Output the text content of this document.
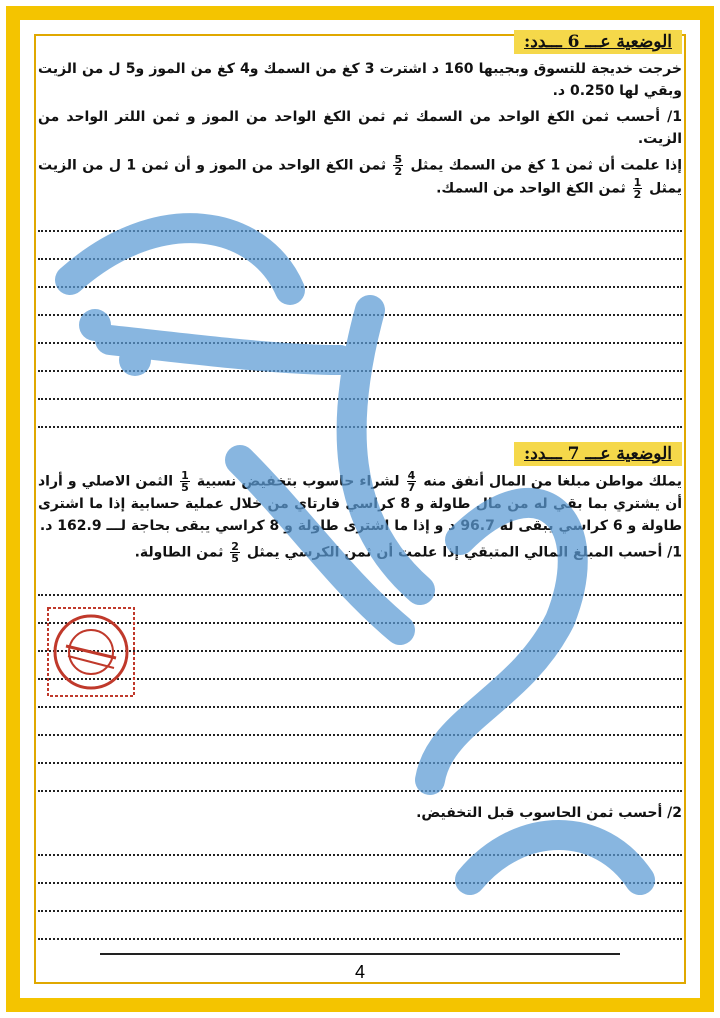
الوضعية عـــ 6 ـــدد:

خرجت خديجة للتسوق وبجيبها 160 د اشترت 3 كغ من السمك و4 كغ من الموز و5 ل من الزيت وبقي لها 0.250 د.

1/ أحسب ثمن الكغ الواحد من السمك ثم ثمن الكغ الواحد من الموز و ثمن اللتر الواحد من الزيت.

إذا علمت أن ثمن 1 كغ من السمك يمثل
$\frac{5}{2}$
ثمن الكغ الواحد من الموز و أن ثمن 1 ل من الزيت يمثل
$\frac{1}{2}$
ثمن الكغ الواحد من السمك.

الوضعية عـــ 7 ـــدد:

يملك مواطن مبلغا من المال أنفق منه
$\frac{4}{7}$
لشراء حاسوب بتخفيض نسبية
$\frac{1}{5}$
الثمن الاصلي و أراد أن يشتري بما بقي له من مال طاولة و 8 كراسي فارتاي من خلال عملية حسابية إذا ما اشترى طاولة و 6 كراسي يبقى له 96.7 د و إذا ما اشترى طاولة و 8 كراسي يبقى بحاجة لـــ 162.9 د.

1/ أحسب المبلغ المالي المتبقي إذا علمت أن ثمن الكرسي يمثل
$\frac{2}{5}$
ثمن الطاولة.

2/ أحسب ثمن الحاسوب قبل التخفيض.

4
